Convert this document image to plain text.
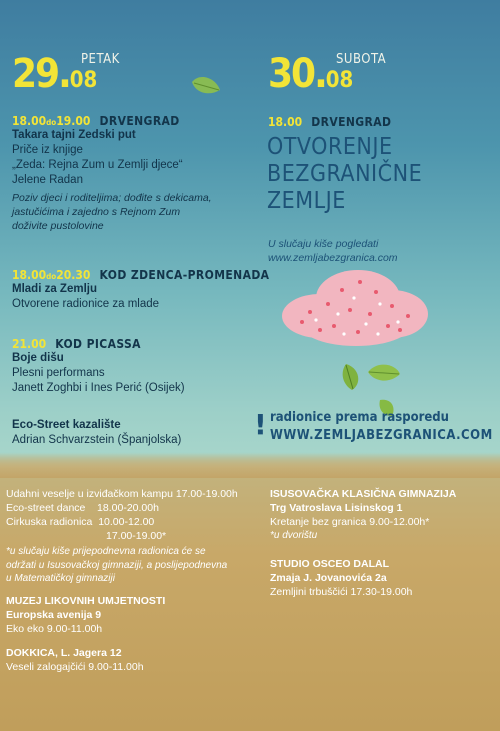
29.08
PETAK
18.00do19.00 DRVENGRAD
Takara tajni Zedski put
Priče iz knjige
„Zeda: Rejna Zum u Zemlji djece“
Jelene Radan
Poziv djeci i roditeljima; dođite s dekicama,
jastučićima i zajedno s Rejnom Zum
doživite pustolovine
18.00do20.30 KOD ZDENCA-PROMENADA
Mladi za Zemlju
Otvorene radionice za mlade
21.00 KOD PICASSA
Boje dišu
Plesni performans
Janett Zoghbi i Ines Perić (Osijek)
Eco-Street kazalište
Adrian Schvarzstein (Španjolska)
30.08
SUBOTA
18.00 DRVENGRAD
OTVORENJE
BEZGRANIČNE
ZEMLJE
U slučaju kiše pogledati
www.zemljabezgranica.com
! radionice prema rasporedu
WWW.ZEMLJABEZGRANICA.COM
Udahni veselje u izviđačkom kampu 17.00-19.00h
Eco-street dance    18.00-20.00h
Cirkuska radionica  10.00-12.00
17.00-19.00*
*u slučaju kiše prijepodnevna radionica će se
održati u Isusovačkoj gimnaziji, a poslijepodnevna
u Matematičkoj gimnaziji
MUZEJ LIKOVNIH UMJETNOSTI
Europska avenija 9
Eko eko 9.00-11.00h
DOKKICA, L. Jagera 12
Veseli zalogajčići 9.00-11.00h
ISUSOVAČKA KLASIČNA GIMNAZIJA
Trg Vatroslava Lisinskog 1
Kretanje bez granica 9.00-12.00h*
*u dvorištu
STUDIO OSCEO DALAL
Zmaja J. Jovanovića 2a
Zemljini trbuščići 17.30-19.00h
